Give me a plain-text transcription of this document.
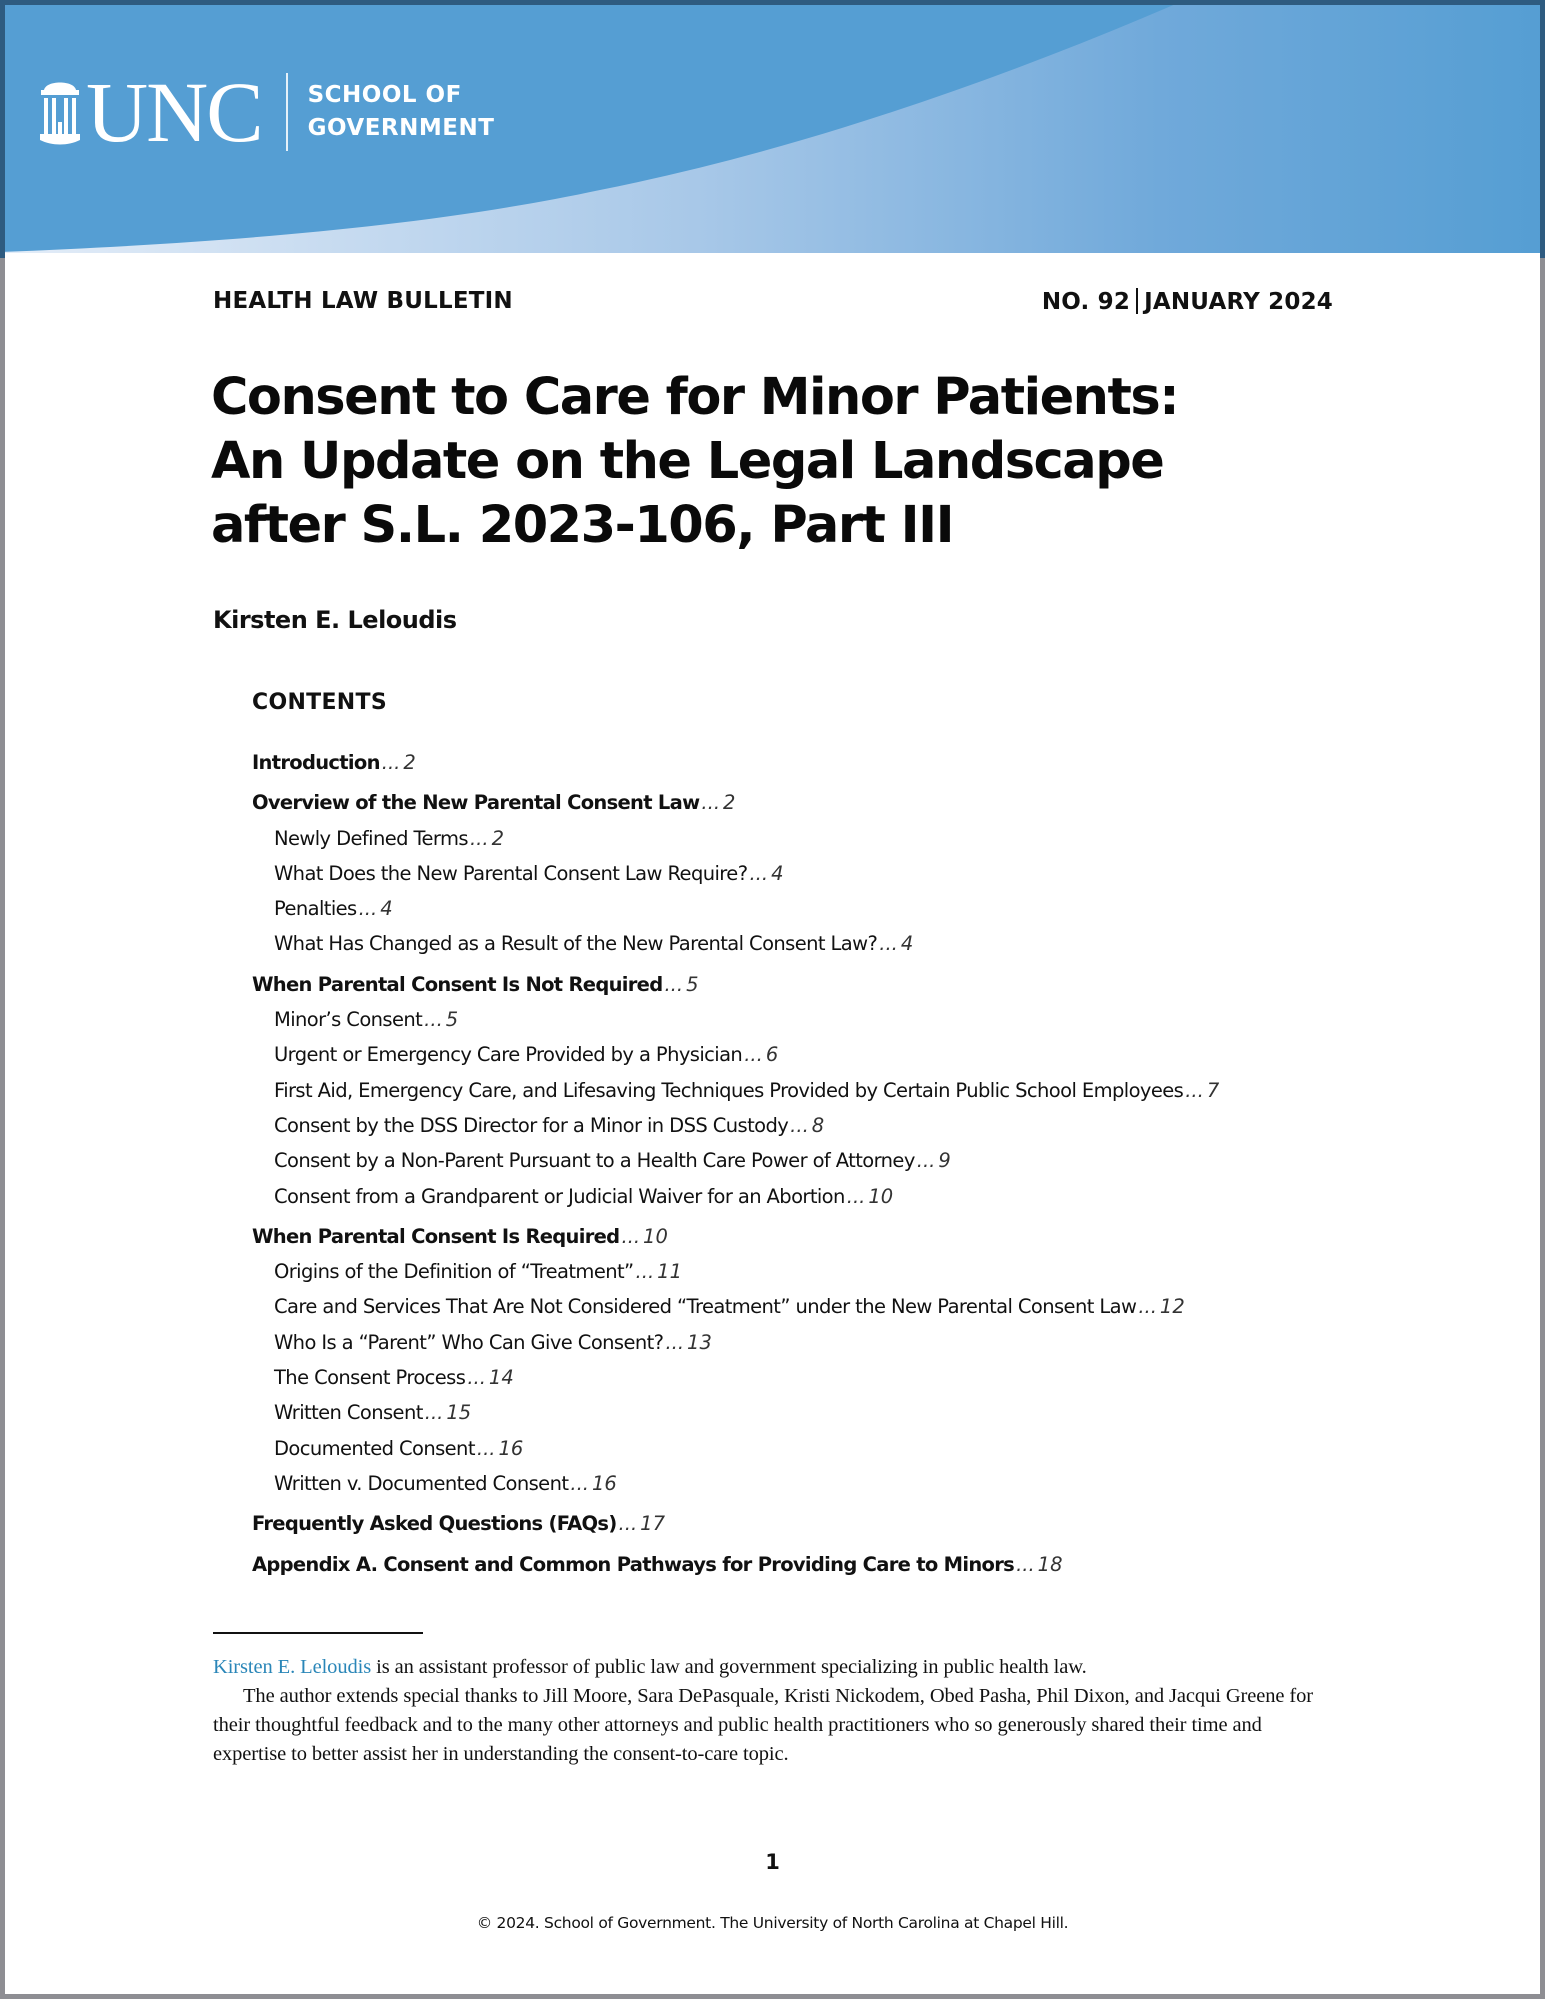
UNC SCHOOL OF
GOVERNMENT
HEALTH LAW BULLETIN	NO. 92 JANUARY 2024
Consent to Care for Minor Patients:
An Update on the Legal Landscape
after S.L. 2023-106, Part III
Kirsten E. Leloudis
CONTENTS
Introduction ... 2
Overview of the New Parental Consent Law ... 2
Newly Defined Terms ... 2
What Does the New Parental Consent Law Require? ... 4
Penalties ... 4
What Has Changed as a Result of the New Parental Consent Law? ... 4
When Parental Consent Is Not Required ... 5
Minor’s Consent ... 5
Urgent or Emergency Care Provided by a Physician ... 6
First Aid, Emergency Care, and Lifesaving Techniques Provided by Certain Public School Employees ... 7
Consent by the DSS Director for a Minor in DSS Custody ... 8
Consent by a Non-Parent Pursuant to a Health Care Power of Attorney ... 9
Consent from a Grandparent or Judicial Waiver for an Abortion ... 10
When Parental Consent Is Required ... 10
Origins of the Definition of “Treatment” ... 11
Care and Services That Are Not Considered “Treatment” under the New Parental Consent Law ... 12
Who Is a “Parent” Who Can Give Consent? ... 13
The Consent Process ... 14
Written Consent ... 15
Documented Consent ... 16
Written v. Documented Consent ... 16
Frequently Asked Questions (FAQs) ... 17
Appendix A. Consent and Common Pathways for Providing Care to Minors ... 18

Kirsten E. Leloudis is an assistant professor of public law and government specializing in public health law.

The author extends special thanks to Jill Moore, Sara DePasquale, Kristi Nickodem, Obed Pasha, Phil Dixon, and Jacqui Greene for their thoughtful feedback and to the many other attorneys and public health practitioners who so generously shared their time and expertise to better assist her in understanding the consent-to-care topic.

1
© 2024. School of Government. The University of North Carolina at Chapel Hill.
